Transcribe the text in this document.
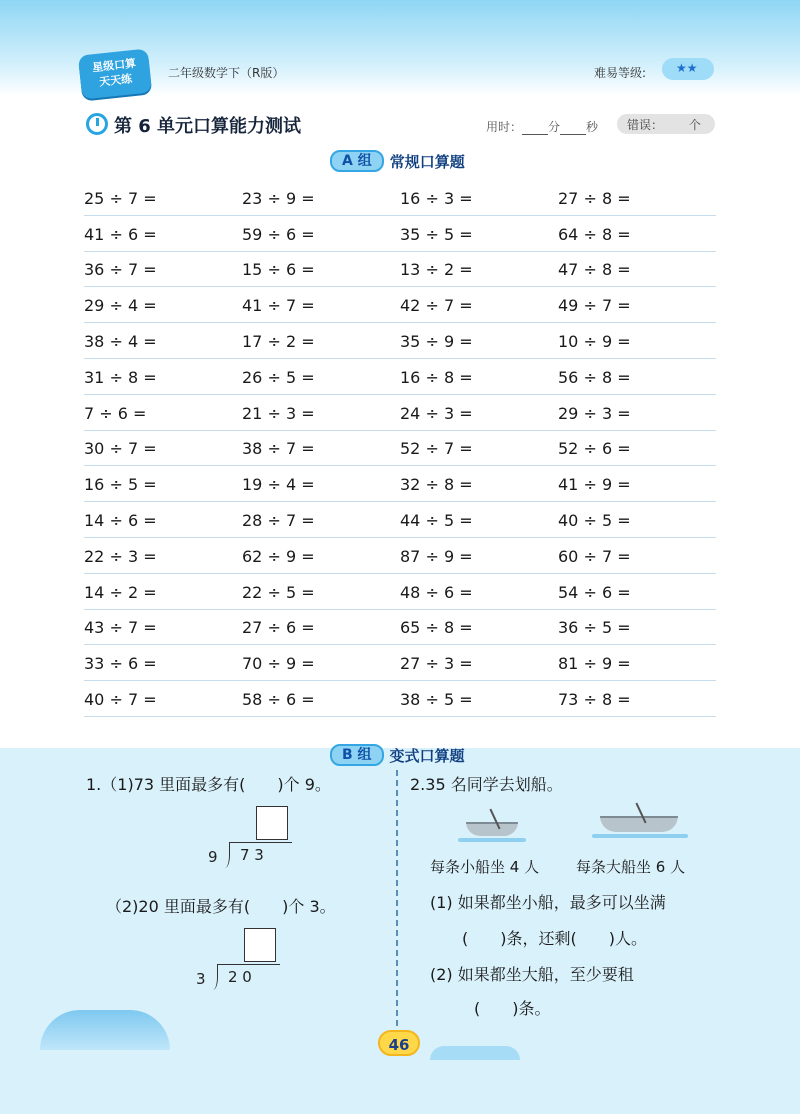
星级口算
天天练	二年级数学下（R版）	难易等级: ★★
第 6 单元口算能力测试	用时： 分 秒	错误： 个
A 组	常规口算题
25 ÷ 7 =	23 ÷ 9 =	16 ÷ 3 =	27 ÷ 8 =
41 ÷ 6 =	59 ÷ 6 =	35 ÷ 5 =	64 ÷ 8 =
36 ÷ 7 =	15 ÷ 6 =	13 ÷ 2 =	47 ÷ 8 =
29 ÷ 4 =	41 ÷ 7 =	42 ÷ 7 =	49 ÷ 7 =
38 ÷ 4 =	17 ÷ 2 =	35 ÷ 9 =	10 ÷ 9 =
31 ÷ 8 =	26 ÷ 5 =	16 ÷ 8 =	56 ÷ 8 =
7 ÷ 6 =	21 ÷ 3 =	24 ÷ 3 =	29 ÷ 3 =
30 ÷ 7 =	38 ÷ 7 =	52 ÷ 7 =	52 ÷ 6 =
16 ÷ 5 =	19 ÷ 4 =	32 ÷ 8 =	41 ÷ 9 =
14 ÷ 6 =	28 ÷ 7 =	44 ÷ 5 =	40 ÷ 5 =
22 ÷ 3 =	62 ÷ 9 =	87 ÷ 9 =	60 ÷ 7 =
14 ÷ 2 =	22 ÷ 5 =	48 ÷ 6 =	54 ÷ 6 =
43 ÷ 7 =	27 ÷ 6 =	65 ÷ 8 =	36 ÷ 5 =
33 ÷ 6 =	70 ÷ 9 =	27 ÷ 3 =	81 ÷ 9 =
40 ÷ 7 =	58 ÷ 6 =	38 ÷ 5 =	73 ÷ 8 =
B 组	变式口算题
1.（1)73 里面最多有(　　)个 9。
9 7 3
（2)20 里面最多有(　　)个 3。
3 2 0
2.35 名同学去划船。
每条小船坐 4 人 每条大船坐 6 人
(1) 如果都坐小船，最多可以坐满
(　　)条，还剩(　　)人。
(2) 如果都坐大船，至少要租
(　　)条。
46
